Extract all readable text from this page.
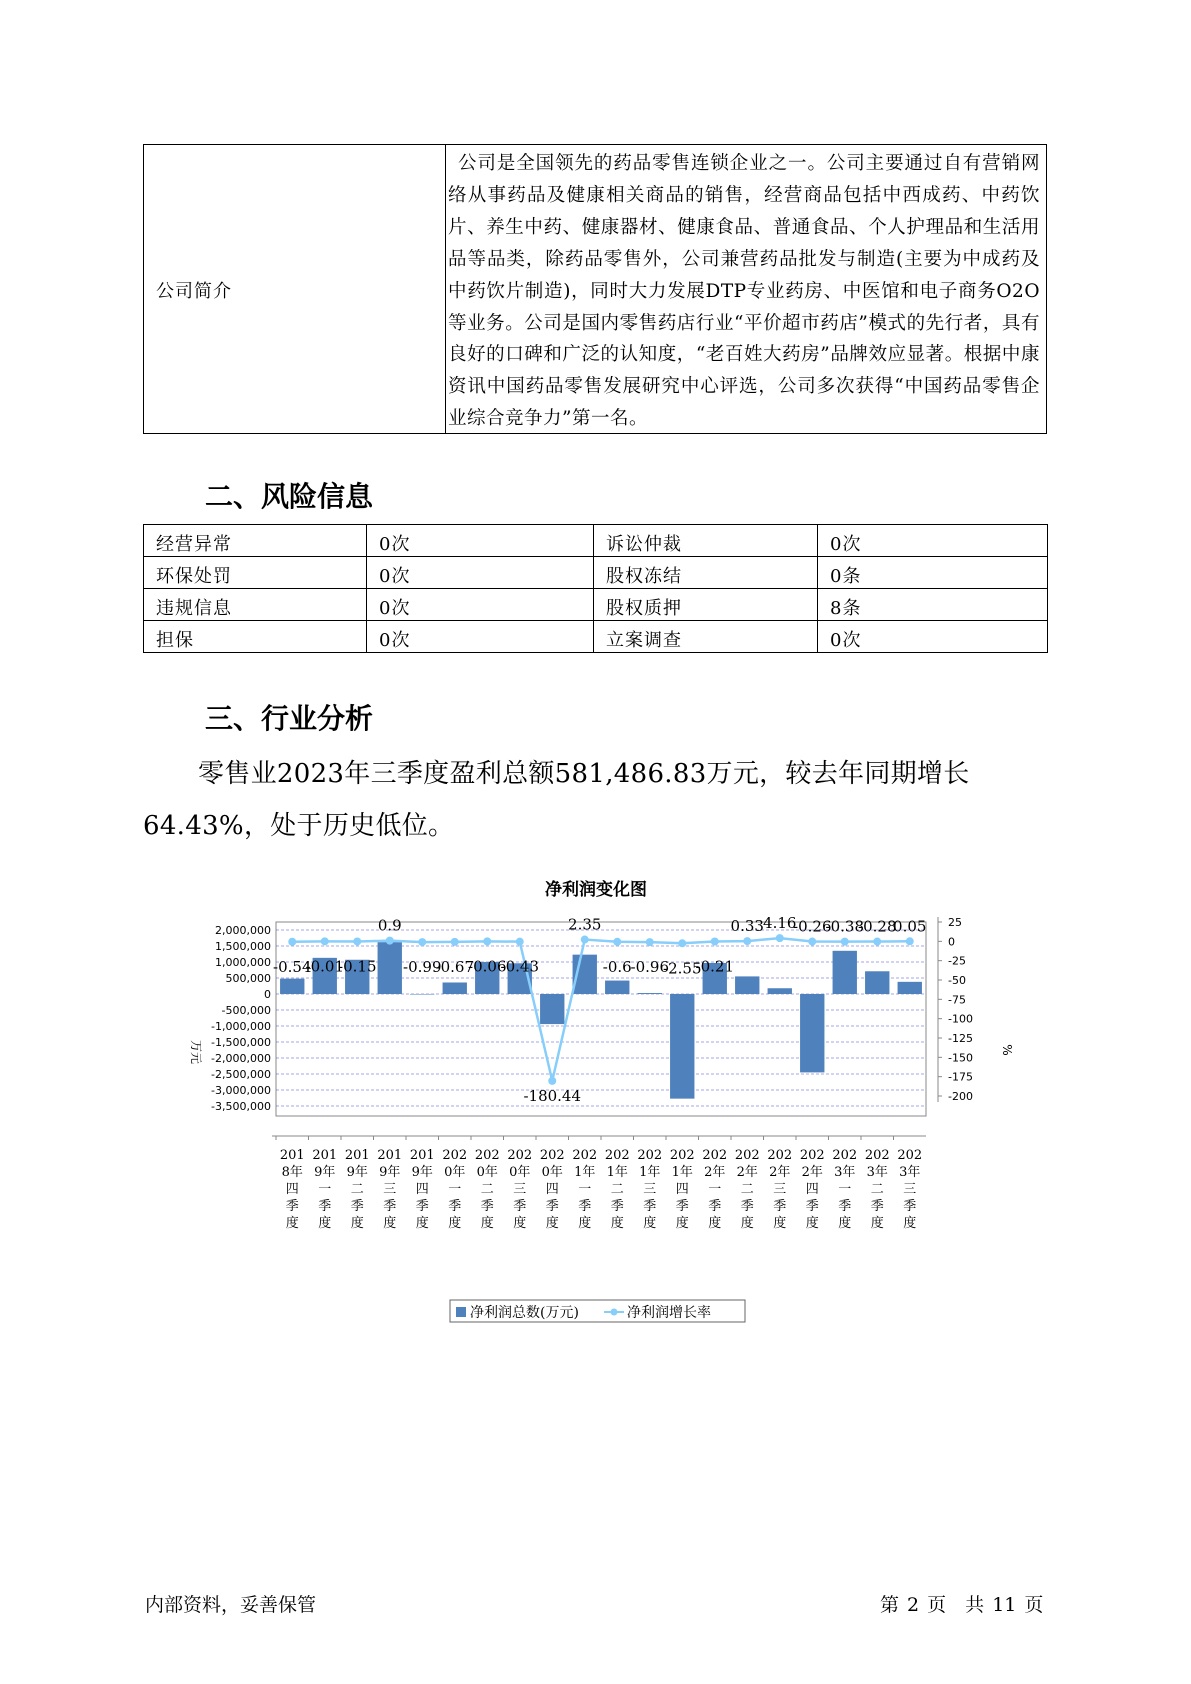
公司简介
公司是全国领先的药品零售连锁企业之一。公司主要通过自有营销网络从事药品及健康相关商品的销售，经营商品包括中西成药、中药饮片、养生中药、健康器材、健康食品、普通食品、个人护理品和生活用品等品类，除药品零售外，公司兼营药品批发与制造(主要为中成药及中药饮片制造)，同时大力发展DTP专业药房、中医馆和电子商务O2O等业务。公司是国内零售药店行业“平价超市药店”模式的先行者，具有良好的口碑和广泛的认知度，“老百姓大药房”品牌效应显著。根据中康资讯中国药品零售发展研究中心评选，公司多次获得“中国药品零售企业综合竞争力”第一名。
二、风险信息
经营异常	0次	诉讼仲裁	0次
环保处罚	0次	股权冻结	0条
违规信息	0次	股权质押	8条
担保	0次	立案调查	0次
三、行业分析
零售业2023年三季度盈利总额581,486.83万元，较去年同期增长64.43%，处于历史低位。
净利润变化图
-0.54
-0.01
-0.15
0.9
-0.99
-0.67
-0.06
-0.43
-180.44
2.35
-0.6
-0.96
-2.55
-0.21
0.33 4.16
-0.26
-0.38
-0.28
0.05
2,000,000
1,500,000
1,000,000
500,000
0
-500,000
-1,000,000
-1,500,000
-2,000,000
-2,500,000
-3,000,000
-3,500,000
25
0
-25
-50
-75
-100
-125
-150
-175
-200
201 8年四季度
201 9年一季度
201 9年二季度
201 9年三季度
201 9年四季度
202 0年一季度
202 0年二季度
202 0年三季度
202 0年四季度
202 1年一季度
202 1年二季度
202 1年三季度
202 1年四季度
202 2年一季度
202 2年二季度
202 2年三季度
202 2年四季度
202 3年一季度
202 3年二季度
202 3年三季度
万元	%
净利润总数(万元)	净利润增长率
内部资料，妥善保管	第 2 页　共 11 页
